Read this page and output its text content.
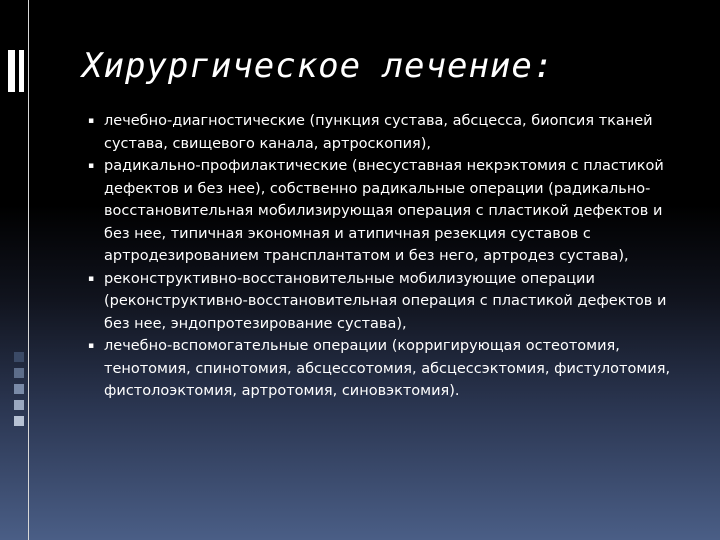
Хирургическое лечение:
▪ лечебно-диагностические (пункция сустава, абсцесса, биопсия тканей сустава, свищевого канала, артроскопия),
▪ радикально-профилактические (внесуставная некрэктомия с пластикой дефектов и без нее), собственно радикальные операции (радикально-восстановительная мобилизирующая операция с пластикой дефектов и без нее, типичная экономная и атипичная резекция суставов с артродезированием трансплантатом и без него, артродез сустава),
▪ реконструктивно-восстановительные мобилизующие операции (реконструктивно-восстановительная операция с пластикой дефектов и без нее, эндопротезирование сустава),
▪ лечебно-вспомогательные операции (корригирующая остеотомия, тенотомия, спинотомия, абсцессотомия, абсцессэктомия, фистулотомия, фистолоэктомия, артротомия, синовэктомия).
